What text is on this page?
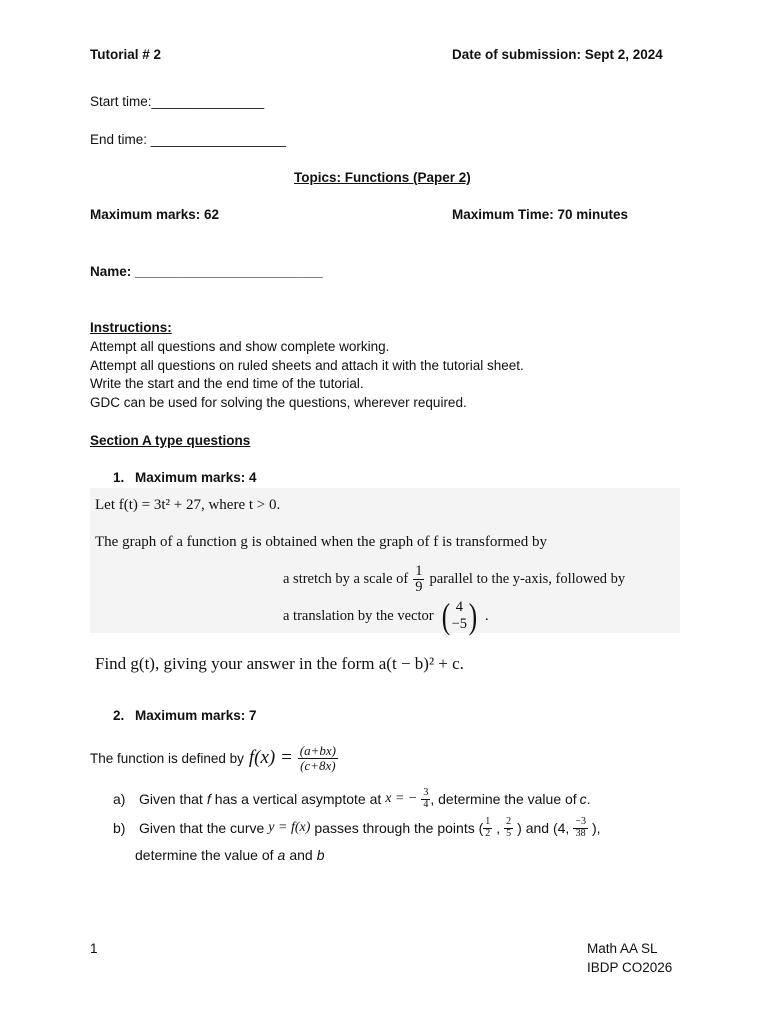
Tutorial # 2	Date of submission: Sept 2, 2024
Start time:_______________
End time: __________________
Topics: Functions (Paper 2)
Maximum marks: 62	Maximum Time: 70 minutes
Name: _________________________
Instructions:
Attempt all questions and show complete working.
Attempt all questions on ruled sheets and attach it with the tutorial sheet.
Write the start and the end time of the tutorial.
GDC can be used for solving the questions, wherever required.
Section A type questions
1. Maximum marks: 4
Let f(t) = 3t² + 27, where t > 0.
The graph of a function g is obtained when the graph of f is transformed by
a stretch by a scale of $\frac{1}{9}$ parallel to the y-axis, followed by
a translation by the vector ( 4
−5 ) .
Find g(t), giving your answer in the form a(t − b)² + c.
2. Maximum marks: 7
The function is defined by $f(x) = \frac{(a+bx)}{(c+8x)}$
a) Given that f has a vertical asymptote at x = − $\frac{3}{4}$ , determine the value of c .
b) Given that the curve y = f(x) passes through the points ( $\frac{1}{2}$ , $\frac{2}{5}$ ) and (4, $\frac{-3}{38}$ ),
determine the value of a and b
1	Math AA SL
IBDP CO2026
